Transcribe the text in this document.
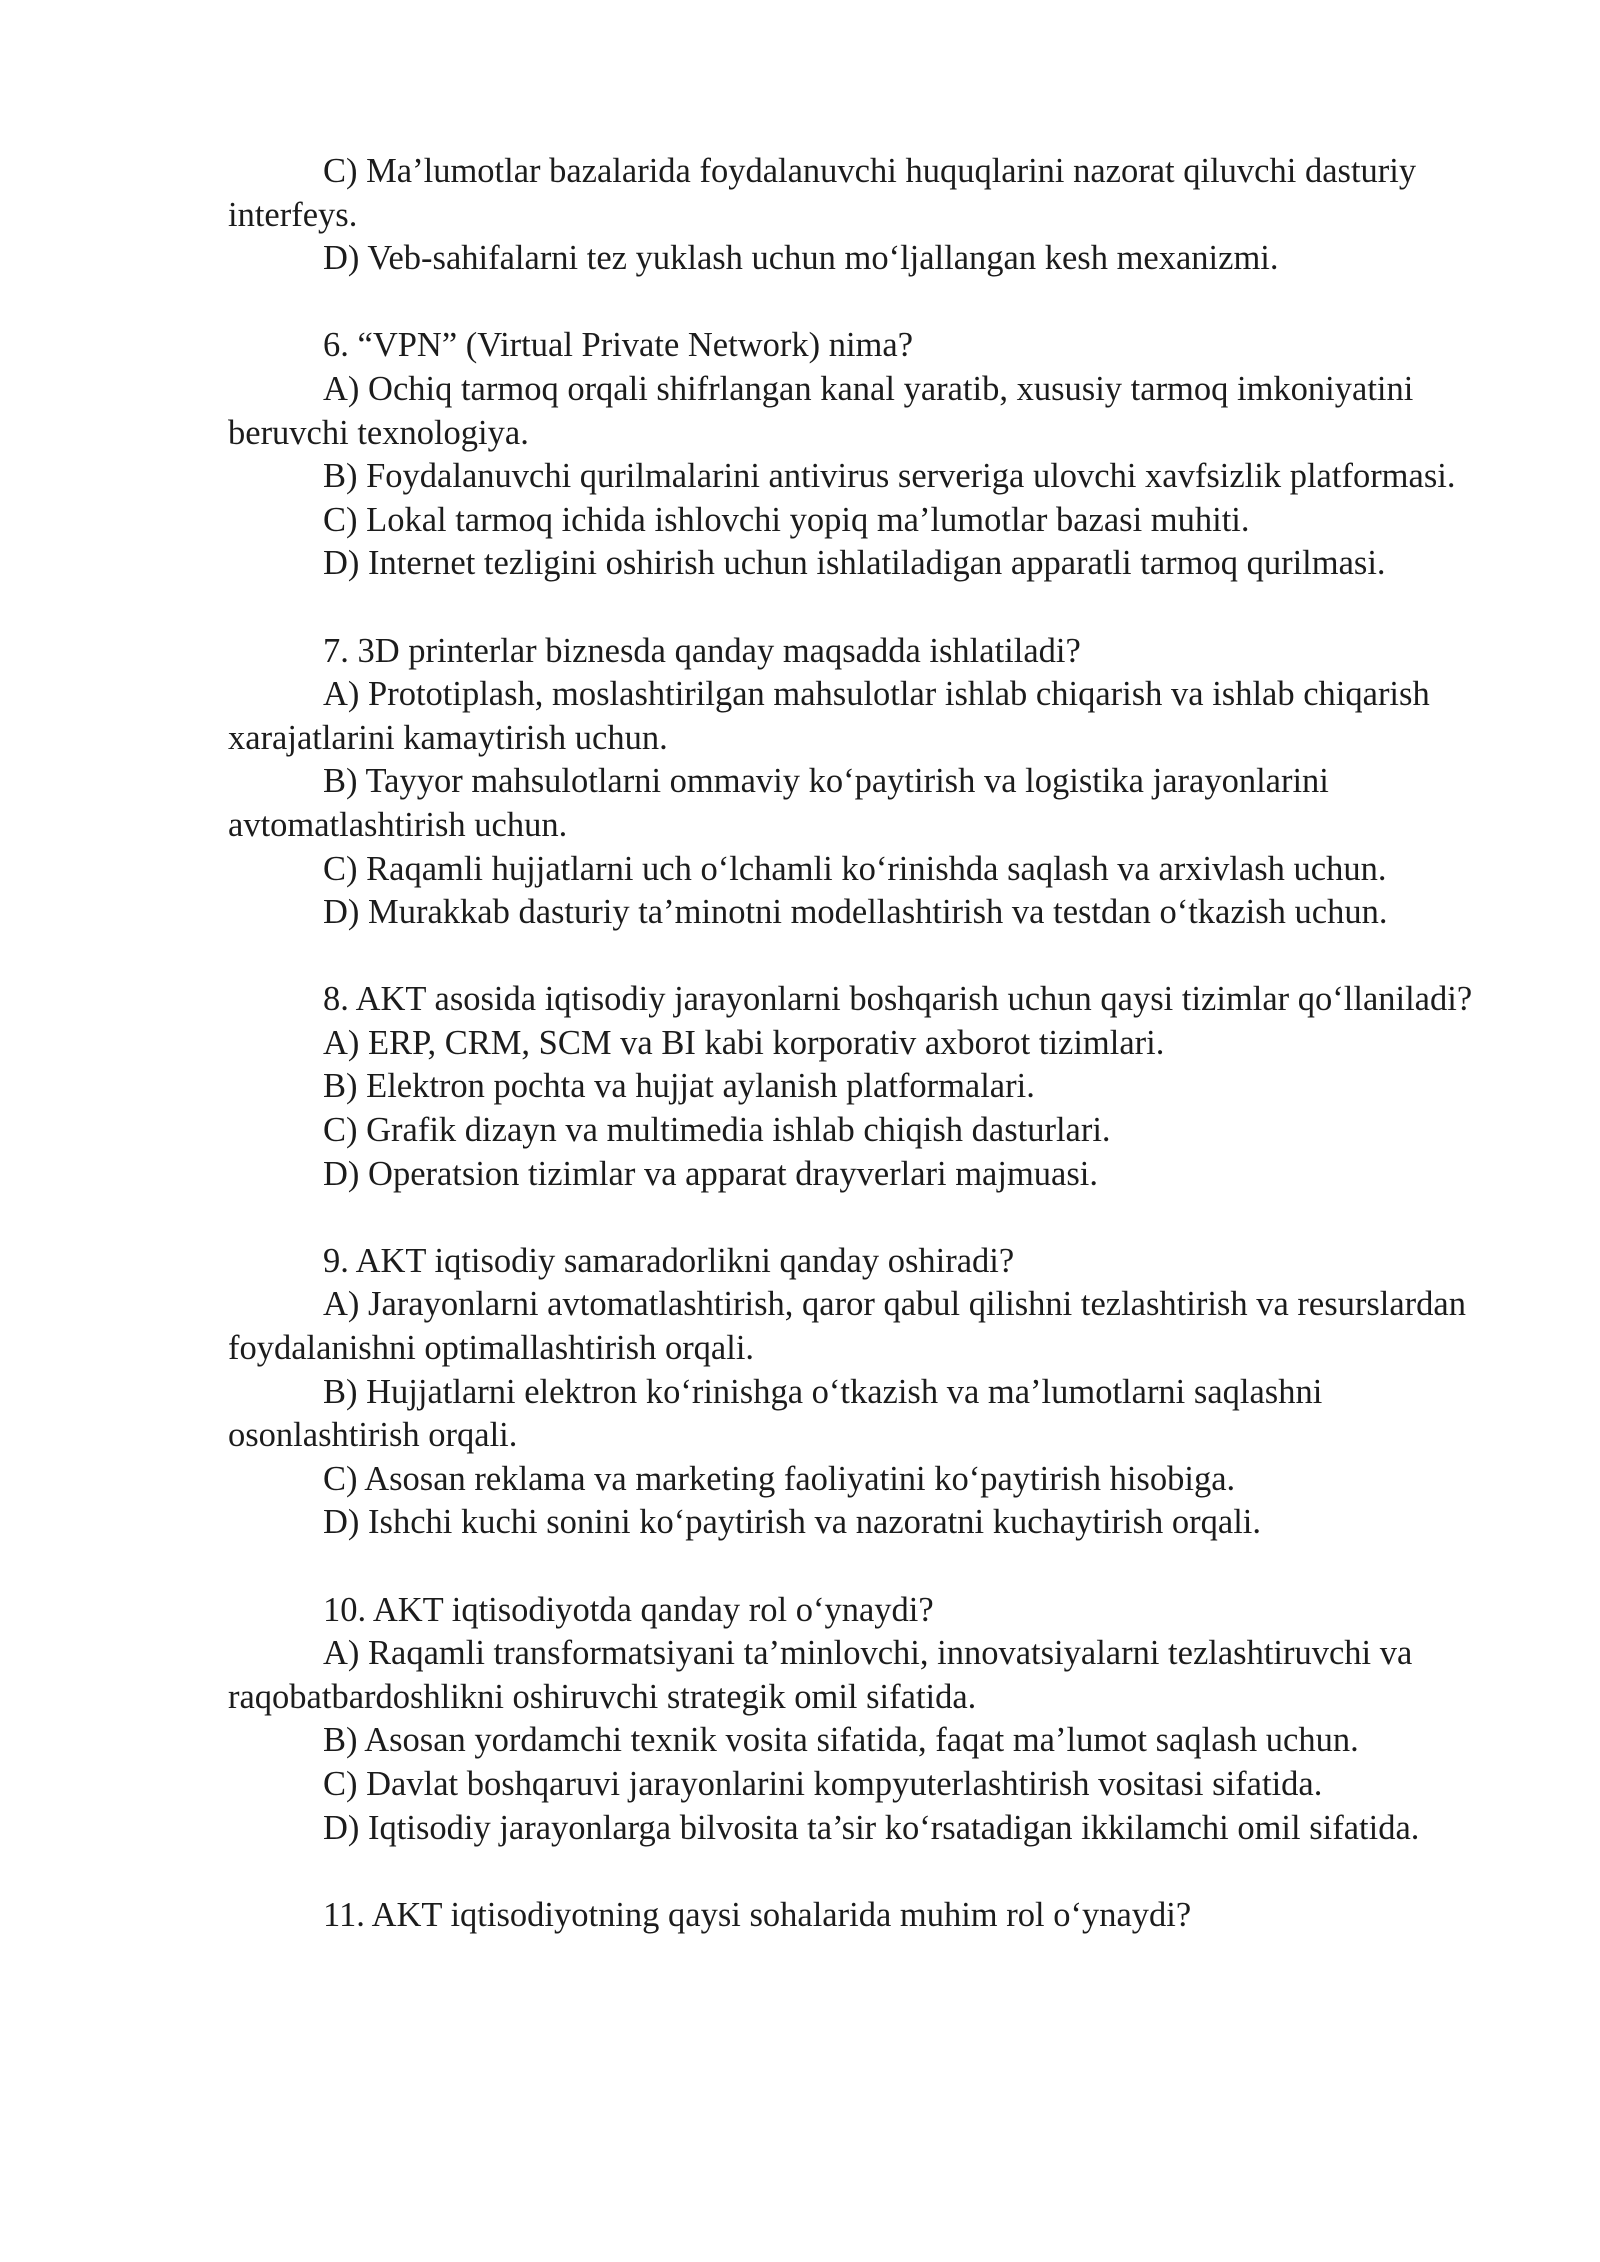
C) Ma’lumotlar bazalarida foydalanuvchi huquqlarini nazorat qiluvchi dasturiy interfeys.

D) Veb-sahifalarni tez yuklash uchun mo‘ljallangan kesh mexanizmi.

6. “VPN” (Virtual Private Network) nima?

A) Ochiq tarmoq orqali shifrlangan kanal yaratib, xususiy tarmoq imkoniyatini beruvchi texnologiya.

B) Foydalanuvchi qurilmalarini antivirus serveriga ulovchi xavfsizlik platformasi.

C) Lokal tarmoq ichida ishlovchi yopiq ma’lumotlar bazasi muhiti.

D) Internet tezligini oshirish uchun ishlatiladigan apparatli tarmoq qurilmasi.

7. 3D printerlar biznesda qanday maqsadda ishlatiladi?

A) Prototiplash, moslashtirilgan mahsulotlar ishlab chiqarish va ishlab chiqarish xarajatlarini kamaytirish uchun.

B) Tayyor mahsulotlarni ommaviy ko‘paytirish va logistika jarayonlarini avtomatlashtirish uchun.

C) Raqamli hujjatlarni uch o‘lchamli ko‘rinishda saqlash va arxivlash uchun.

D) Murakkab dasturiy ta’minotni modellashtirish va testdan o‘tkazish uchun.

8. AKT asosida iqtisodiy jarayonlarni boshqarish uchun qaysi tizimlar qo‘llaniladi?

A) ERP, CRM, SCM va BI kabi korporativ axborot tizimlari.

B) Elektron pochta va hujjat aylanish platformalari.

C) Grafik dizayn va multimedia ishlab chiqish dasturlari.

D) Operatsion tizimlar va apparat drayverlari majmuasi.

9. AKT iqtisodiy samaradorlikni qanday oshiradi?

A) Jarayonlarni avtomatlashtirish, qaror qabul qilishni tezlashtirish va resurslardan foydalanishni optimallashtirish orqali.

B) Hujjatlarni elektron ko‘rinishga o‘tkazish va ma’lumotlarni saqlashni osonlashtirish orqali.

C) Asosan reklama va marketing faoliyatini ko‘paytirish hisobiga.

D) Ishchi kuchi sonini ko‘paytirish va nazoratni kuchaytirish orqali.

10. AKT iqtisodiyotda qanday rol o‘ynaydi?

A) Raqamli transformatsiyani ta’minlovchi, innovatsiyalarni tezlashtiruvchi va raqobatbardoshlikni oshiruvchi strategik omil sifatida.

B) Asosan yordamchi texnik vosita sifatida, faqat ma’lumot saqlash uchun.

C) Davlat boshqaruvi jarayonlarini kompyuterlashtirish vositasi sifatida.

D) Iqtisodiy jarayonlarga bilvosita ta’sir ko‘rsatadigan ikkilamchi omil sifatida.

11. AKT iqtisodiyotning qaysi sohalarida muhim rol o‘ynaydi?
